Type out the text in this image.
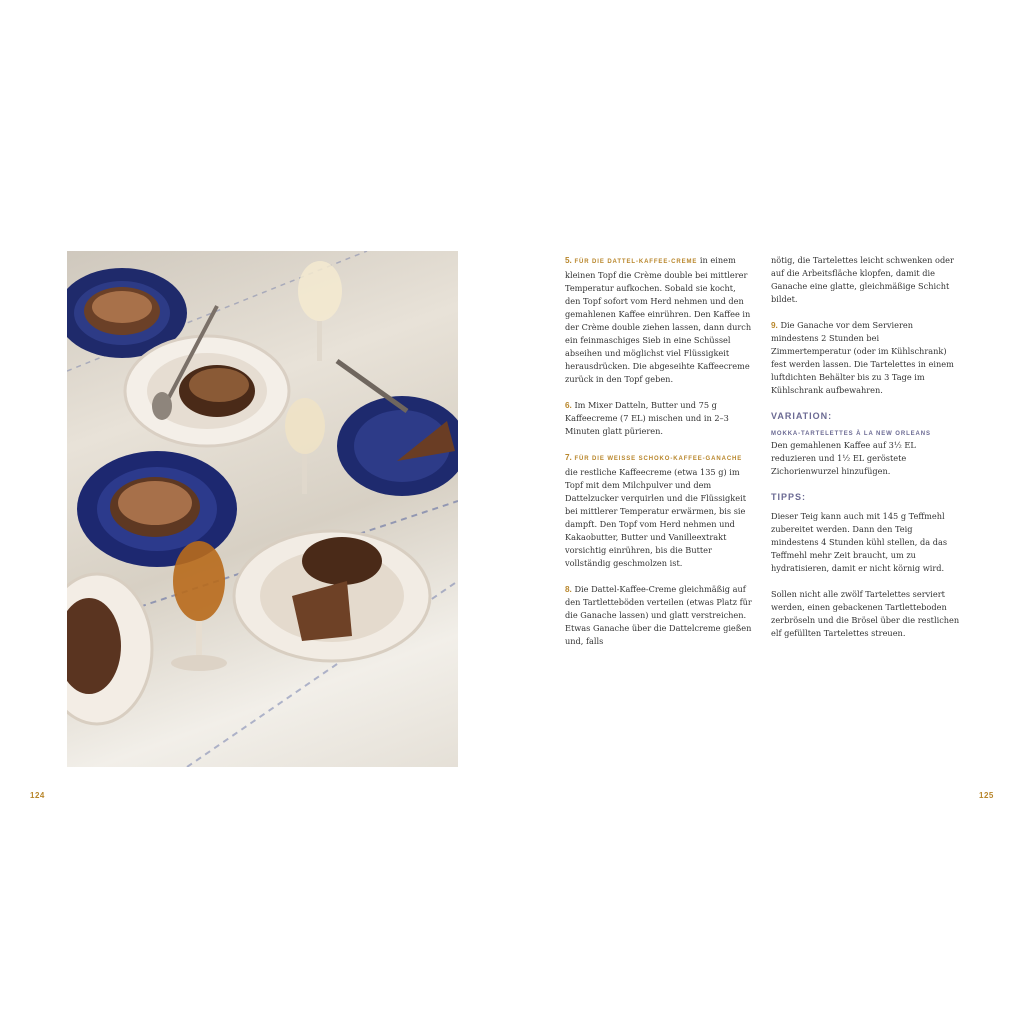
124	125

5. FÜR DIE DATTEL-KAFFEE-CREME in einem kleinen Topf die Crème double bei mittlerer Temperatur aufkochen. Sobald sie kocht, den Topf sofort vom Herd nehmen und den gemahlenen Kaffee einrühren. Den Kaffee in der Crème double ziehen lassen, dann durch ein feinmaschiges Sieb in eine Schüssel abseihen und möglichst viel Flüssigkeit herausdrücken. Die abgeseihte Kaffeecreme zurück in den Topf geben.

6. Im Mixer Datteln, Butter und 75 g Kaffeecreme (7 EL) mischen und in 2–3 Minuten glatt pürieren.

7. FÜR DIE WEISSE SCHOKO-KAFFEE-GANACHE
die restliche Kaffeecreme (etwa 135 g) im Topf mit dem Milchpulver und dem Dattelzucker verquirlen und die Flüssigkeit bei mittlerer Temperatur erwärmen, bis sie dampft. Den Topf vom Herd nehmen und Kakaobutter, Butter und Vanilleextrakt vorsichtig einrühren, bis die Butter vollständig geschmolzen ist.

8. Die Dattel-Kaffee-Creme gleichmäßig auf den Tartletteböden verteilen (etwas Platz für die Ganache lassen) und glatt verstreichen. Etwas Ganache über die Dattelcreme gießen und, falls

nötig, die Tartelettes leicht schwenken oder auf die Arbeitsfläche klopfen, damit die Ganache eine glatte, gleichmäßige Schicht bildet.

9. Die Ganache vor dem Servieren mindestens 2 Stunden bei Zimmertemperatur (oder im Kühlschrank) fest werden lassen. Die Tartelettes in einem luftdichten Behälter bis zu 3 Tage im Kühlschrank aufbewahren.

VARIATION:

MOKKA-TARTELETTES À LA NEW ORLEANS
Den gemahlenen Kaffee auf 3½ EL reduzieren und 1½ EL geröstete Zichorienwurzel hinzufügen.

TIPPS:

Dieser Teig kann auch mit 145 g Teffmehl zubereitet werden. Dann den Teig mindestens 4 Stunden kühl stellen, da das Teffmehl mehr Zeit braucht, um zu hydratisieren, damit er nicht körnig wird.

Sollen nicht alle zwölf Tartelettes serviert werden, einen gebackenen Tartletteboden zerbröseln und die Brösel über die restlichen elf gefüllten Tartelettes streuen.
